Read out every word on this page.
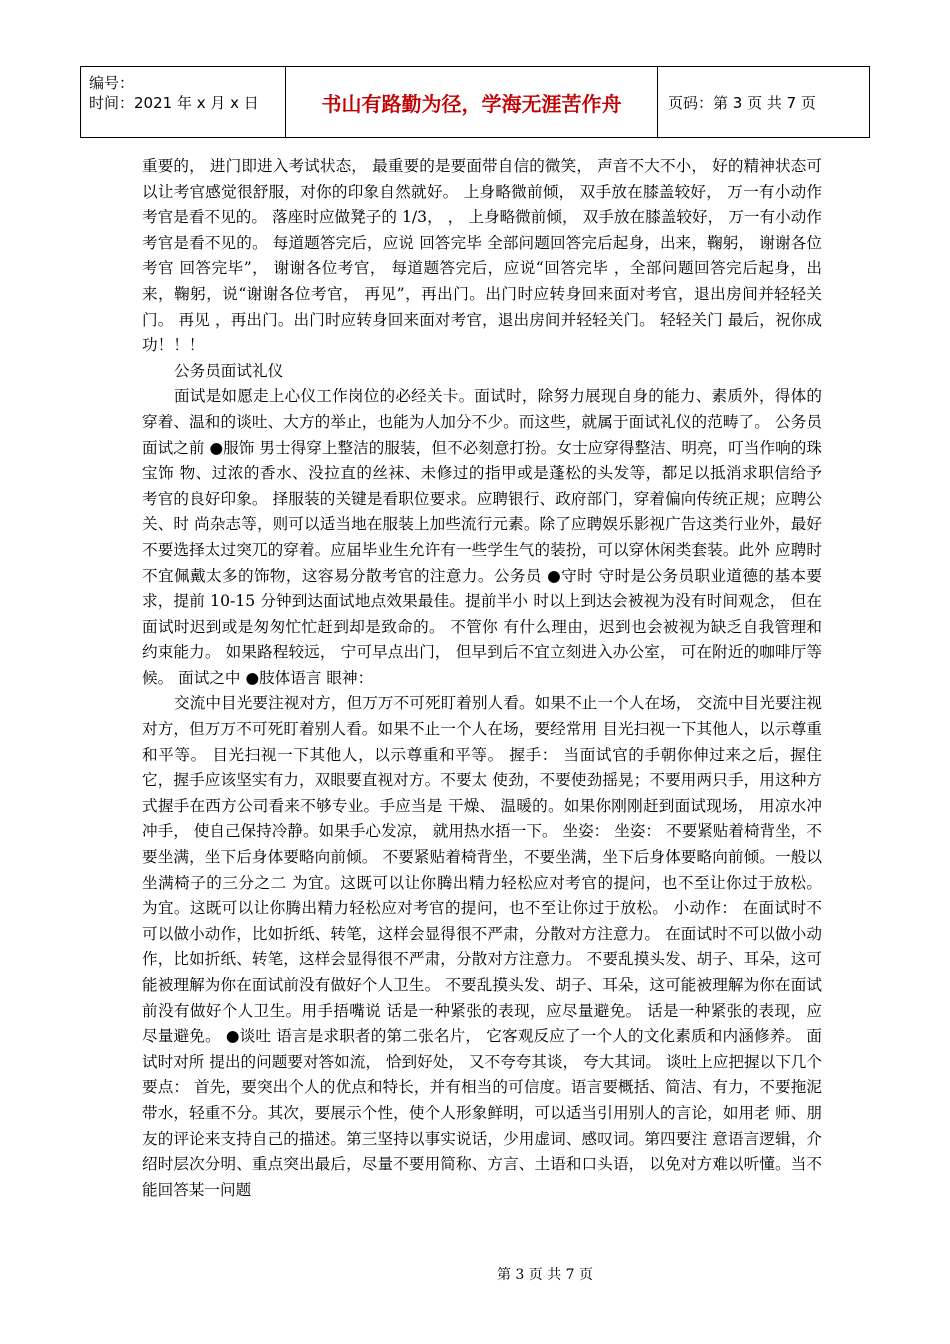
编号：
时间：2021 年 x 月 x 日	书山有路勤为径，学海无涯苦作舟	页码：第 3 页 共 7 页

重要的， 进门即进入考试状态， 最重要的是要面带自信的微笑， 声音不大不小， 好的精神状态可以让考官感觉很舒服，对你的印象自然就好。 上身略微前倾， 双手放在膝盖较好， 万一有小动作考官是看不见的。 落座时应做凳子的 1/3， ， 上身略微前倾， 双手放在膝盖较好， 万一有小动作考官是看不见的。 每道题答完后，应说 回答完毕 全部问题回答完后起身，出来，鞠躬， 谢谢各位考官 回答完毕”， 谢谢各位考官， 每道题答完后，应说“回答完毕 ，全部问题回答完后起身，出来，鞠躬，说“谢谢各位考官， 再见”，再出门。出门时应转身回来面对考官，退出房间并轻轻关门。 再见 ，再出门。出门时应转身回来面对考官，退出房间并轻轻关门。 轻轻关门 最后，祝你成功！！！

公务员面试礼仪

面试是如愿走上心仪工作岗位的必经关卡。面试时，除努力展现自身的能力、素质外，得体的穿着、温和的谈吐、大方的举止，也能为人加分不少。而这些，就属于面试礼仪的范畴了。 公务员面试之前 ●服饰 男士得穿上整洁的服装，但不必刻意打扮。女士应穿得整洁、明亮，叮当作响的珠宝饰 物、过浓的香水、没拉直的丝袜、未修过的指甲或是蓬松的头发等，都足以抵消求职信给予 考官的良好印象。 择服装的关键是看职位要求。应聘银行、政府部门，穿着偏向传统正规；应聘公关、时 尚杂志等，则可以适当地在服装上加些流行元素。除了应聘娱乐影视广告这类行业外，最好 不要选择太过突兀的穿着。应届毕业生允许有一些学生气的装扮，可以穿休闲类套装。此外 应聘时不宜佩戴太多的饰物，这容易分散考官的注意力。公务员 ●守时 守时是公务员职业道德的基本要求，提前 10-15 分钟到达面试地点效果最佳。提前半小 时以上到达会被视为没有时间观念， 但在面试时迟到或是匆匆忙忙赶到却是致命的。 不管你 有什么理由，迟到也会被视为缺乏自我管理和约束能力。 如果路程较远， 宁可早点出门， 但早到后不宜立刻进入办公室， 可在附近的咖啡厅等候。 面试之中 ●肢体语言 眼神：

交流中目光要注视对方，但万万不可死盯着别人看。如果不止一个人在场， 交流中目光要注视对方，但万万不可死盯着别人看。如果不止一个人在场，要经常用 目光扫视一下其他人，以示尊重和平等。 目光扫视一下其他人，以示尊重和平等。 握手： 当面试官的手朝你伸过来之后，握住它，握手应该坚实有力，双眼要直视对方。不要太 使劲，不要使劲摇晃；不要用两只手，用这种方式握手在西方公司看来不够专业。手应当是 干燥、 温暖的。如果你刚刚赶到面试现场， 用凉水冲冲手， 使自己保持冷静。如果手心发凉， 就用热水捂一下。 坐姿： 坐姿： 不要紧贴着椅背坐，不要坐满，坐下后身体要略向前倾。 不要紧贴着椅背坐，不要坐满，坐下后身体要略向前倾。一般以坐满椅子的三分之二 为宜。这既可以让你腾出精力轻松应对考官的提问，也不至让你过于放松。 为宜。这既可以让你腾出精力轻松应对考官的提问，也不至让你过于放松。 小动作： 在面试时不可以做小动作，比如折纸、转笔，这样会显得很不严肃，分散对方注意力。 在面试时不可以做小动作，比如折纸、转笔，这样会显得很不严肃，分散对方注意力。 不要乱摸头发、胡子、耳朵，这可能被理解为你在面试前没有做好个人卫生。 不要乱摸头发、胡子、耳朵，这可能被理解为你在面试前没有做好个人卫生。用手捂嘴说 话是一种紧张的表现，应尽量避免。 话是一种紧张的表现，应尽量避免。 ●谈吐 语言是求职者的第二张名片， 它客观反应了一个人的文化素质和内涵修养。 面试时对所 提出的问题要对答如流， 恰到好处， 又不夸夸其谈， 夸大其词。 谈吐上应把握以下几个要点： 首先，要突出个人的优点和特长，并有相当的可信度。语言要概括、简洁、有力，不要拖泥 带水，轻重不分。其次，要展示个性，使个人形象鲜明，可以适当引用别人的言论，如用老 师、朋友的评论来支持自己的描述。第三坚持以事实说话，少用虚词、感叹词。第四要注 意语言逻辑，介绍时层次分明、重点突出最后，尽量不要用简称、方言、土语和口头语， 以免对方难以听懂。当不能回答某一问题

第 3 页 共 7 页
